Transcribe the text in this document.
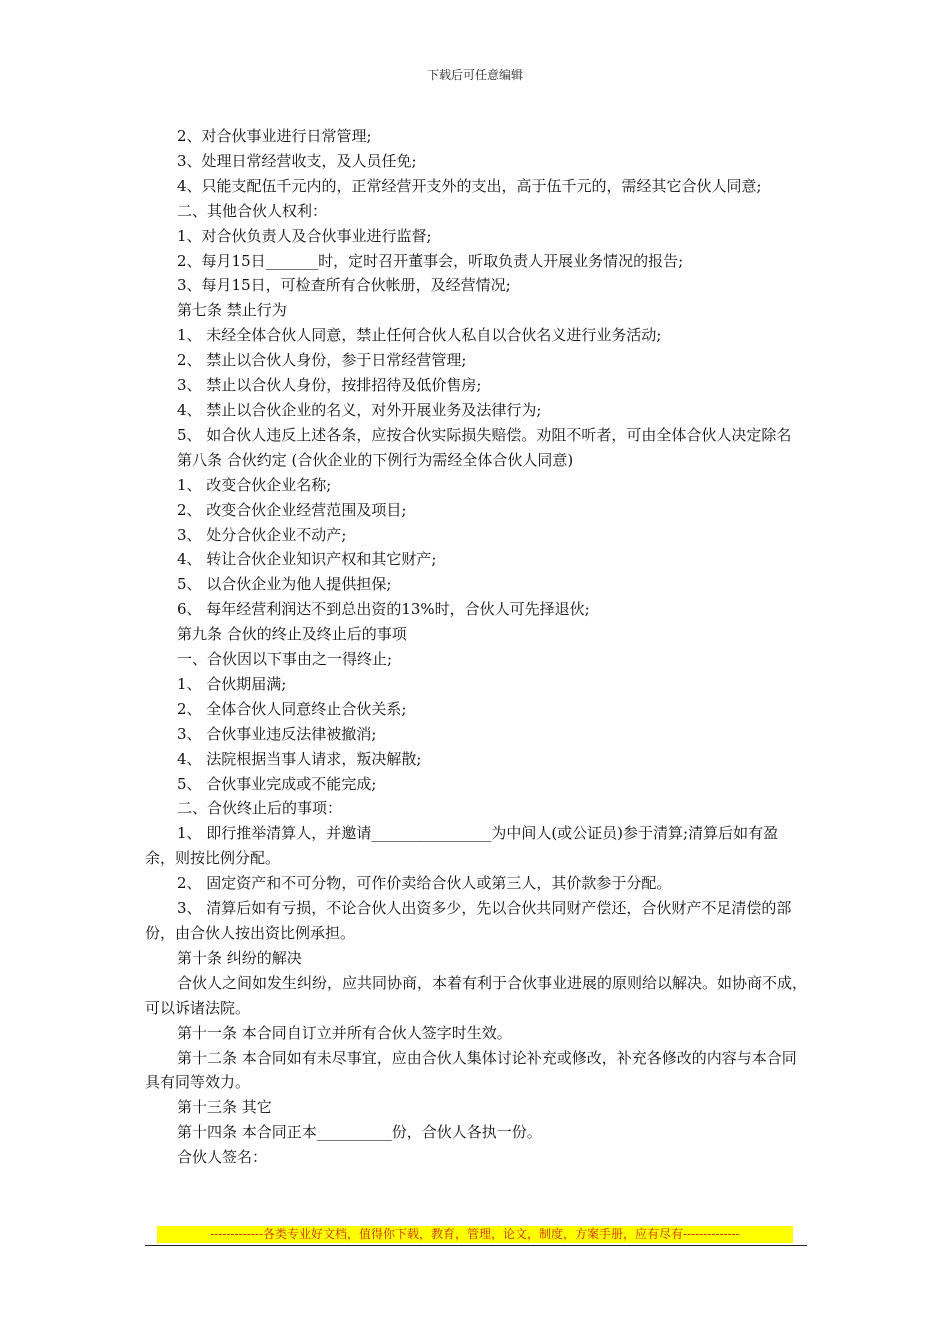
下载后可任意编辑

2、对合伙事业进行日常管理;

3、处理日常经营收支，及人员任免;

4、只能支配伍千元内的，正常经营开支外的支出，高于伍千元的，需经其它合伙人同意;

二、其他合伙人权利：

1、对合伙负责人及合伙事业进行监督;

2、每月15日_______时，定时召开董事会，听取负责人开展业务情况的报告;

3、每月15日，可检查所有合伙帐册，及经营情况;

第七条 禁止行为

1、 未经全体合伙人同意，禁止任何合伙人私自以合伙名义进行业务活动;

2、 禁止以合伙人身份，参于日常经营管理;

3、 禁止以合伙人身份，按排招待及低价售房;

4、 禁止以合伙企业的名义，对外开展业务及法律行为;

5、 如合伙人违反上述各条，应按合伙实际损失赔偿。劝阻不听者，可由全体合伙人决定除名

第八条 合伙约定 (合伙企业的下例行为需经全体合伙人同意)

1、 改变合伙企业名称;

2、 改变合伙企业经营范围及项目;

3、 处分合伙企业不动产;

4、 转让合伙企业知识产权和其它财产;

5、 以合伙企业为他人提供担保;

6、 每年经营利润达不到总出资的13%时，合伙人可先择退伙;

第九条 合伙的终止及终止后的事项

一、合伙因以下事由之一得终止;

1、 合伙期届满;

2、 全体合伙人同意终止合伙关系;

3、 合伙事业违反法律被撤消;

4、 法院根据当事人请求，叛决解散;

5、 合伙事业完成或不能完成;

二、合伙终止后的事项：

1、 即行推举清算人，并邀请________________为中间人(或公证员)参于清算;清算后如有盈余，则按比例分配。

2、 固定资产和不可分物，可作价卖给合伙人或第三人，其价款参于分配。

3、 清算后如有亏损，不论合伙人出资多少，先以合伙共同财产偿还，合伙财产不足清偿的部份，由合伙人按出资比例承担。

第十条 纠纷的解决

合伙人之间如发生纠纷，应共同协商，本着有利于合伙事业进展的原则给以解决。如协商不成，可以诉诸法院。

第十一条 本合同自订立并所有合伙人签字时生效。

第十二条 本合同如有未尽事宜，应由合伙人集体讨论补充或修改，补充各修改的内容与本合同具有同等效力。

第十三条 其它

第十四条 本合同正本__________份，合伙人各执一份。

合伙人签名：

-------------各类专业好文档，值得你下载，教育，管理，论文，制度，方案手册，应有尽有--------------
